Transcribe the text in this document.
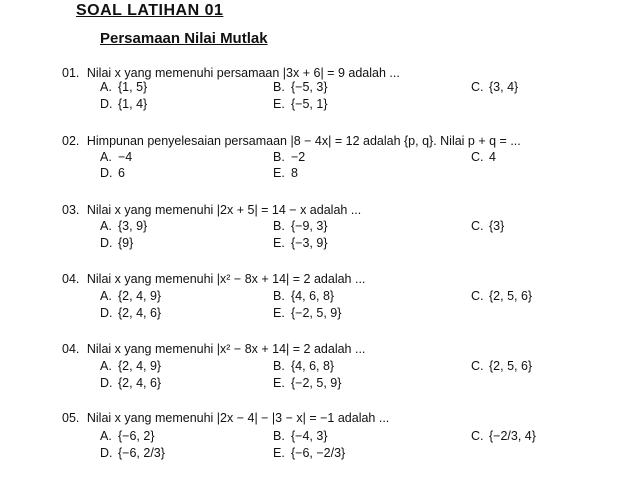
SOAL LATIHAN 01
Persamaan Nilai Mutlak
01. Nilai x yang memenuhi persamaan |3x + 6| = 9 adalah ...
A. {1, 5}	B. {−5, 3}	C. {3, 4}
D. {1, 4}	E. {−5, 1}
02. Himpunan penyelesaian persamaan |8 − 4x| = 12 adalah {p, q}. Nilai p + q = ...
A. −4	B. −2	C. 4
D. 6	E. 8
03. Nilai x yang memenuhi |2x + 5| = 14 − x adalah ...
A. {3, 9}	B. {−9, 3}	C. {3}
D. {9}	E. {−3, 9}
04. Nilai x yang memenuhi |x² − 8x + 14| = 2 adalah ...
A. {2, 4, 9}	B. {4, 6, 8}	C. {2, 5, 6}
D. {2, 4, 6}	E. {−2, 5, 9}
04. Nilai x yang memenuhi |x² − 8x + 14| = 2 adalah ...
A. {2, 4, 9}	B. {4, 6, 8}	C. {2, 5, 6}
D. {2, 4, 6}	E. {−2, 5, 9}
05. Nilai x yang memenuhi |2x − 4| − |3 − x| = −1 adalah ...
A. {−6, 2}	B. {−4, 3}	C. {−2/3, 4}
D. {−6, 2/3}	E. {−6, −2/3}
